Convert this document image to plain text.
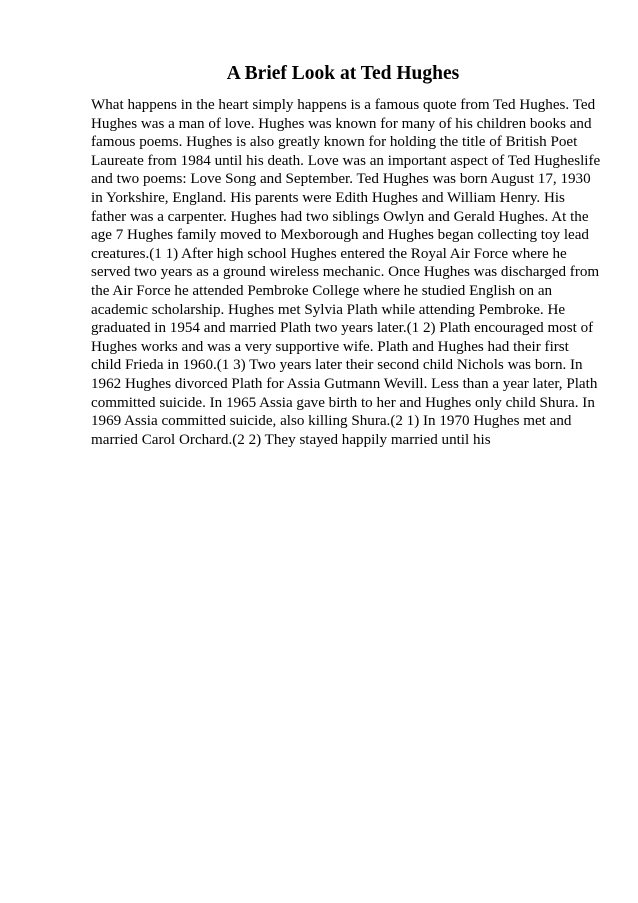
A Brief Look at Ted Hughes
What happens in the heart simply happens is a famous quote from Ted Hughes. Ted
Hughes was a man of love. Hughes was known for many of his children books and
famous poems. Hughes is also greatly known for holding the title of British Poet
Laureate from 1984 until his death. Love was an important aspect of Ted Hugheslife
and two poems: Love Song and September. Ted Hughes was born August 17, 1930
in Yorkshire, England. His parents were Edith Hughes and William Henry. His
father was a carpenter. Hughes had two siblings Owlyn and Gerald Hughes. At the
age 7 Hughes family moved to Mexborough and Hughes began collecting toy lead
creatures.(1 1) After high school Hughes entered the Royal Air Force where he
served two years as a ground wireless mechanic. Once Hughes was discharged from
the Air Force he attended Pembroke College where he studied English on an
academic scholarship. Hughes met Sylvia Plath while attending Pembroke. He
graduated in 1954 and married Plath two years later.(1 2) Plath encouraged most of
Hughes works and was a very supportive wife. Plath and Hughes had their first
child Frieda in 1960.(1 3) Two years later their second child Nichols was born. In
1962 Hughes divorced Plath for Assia Gutmann Wevill. Less than a year later, Plath
committed suicide. In 1965 Assia gave birth to her and Hughes only child Shura. In
1969 Assia committed suicide, also killing Shura.(2 1) In 1970 Hughes met and
married Carol Orchard.(2 2) They stayed happily married until his
